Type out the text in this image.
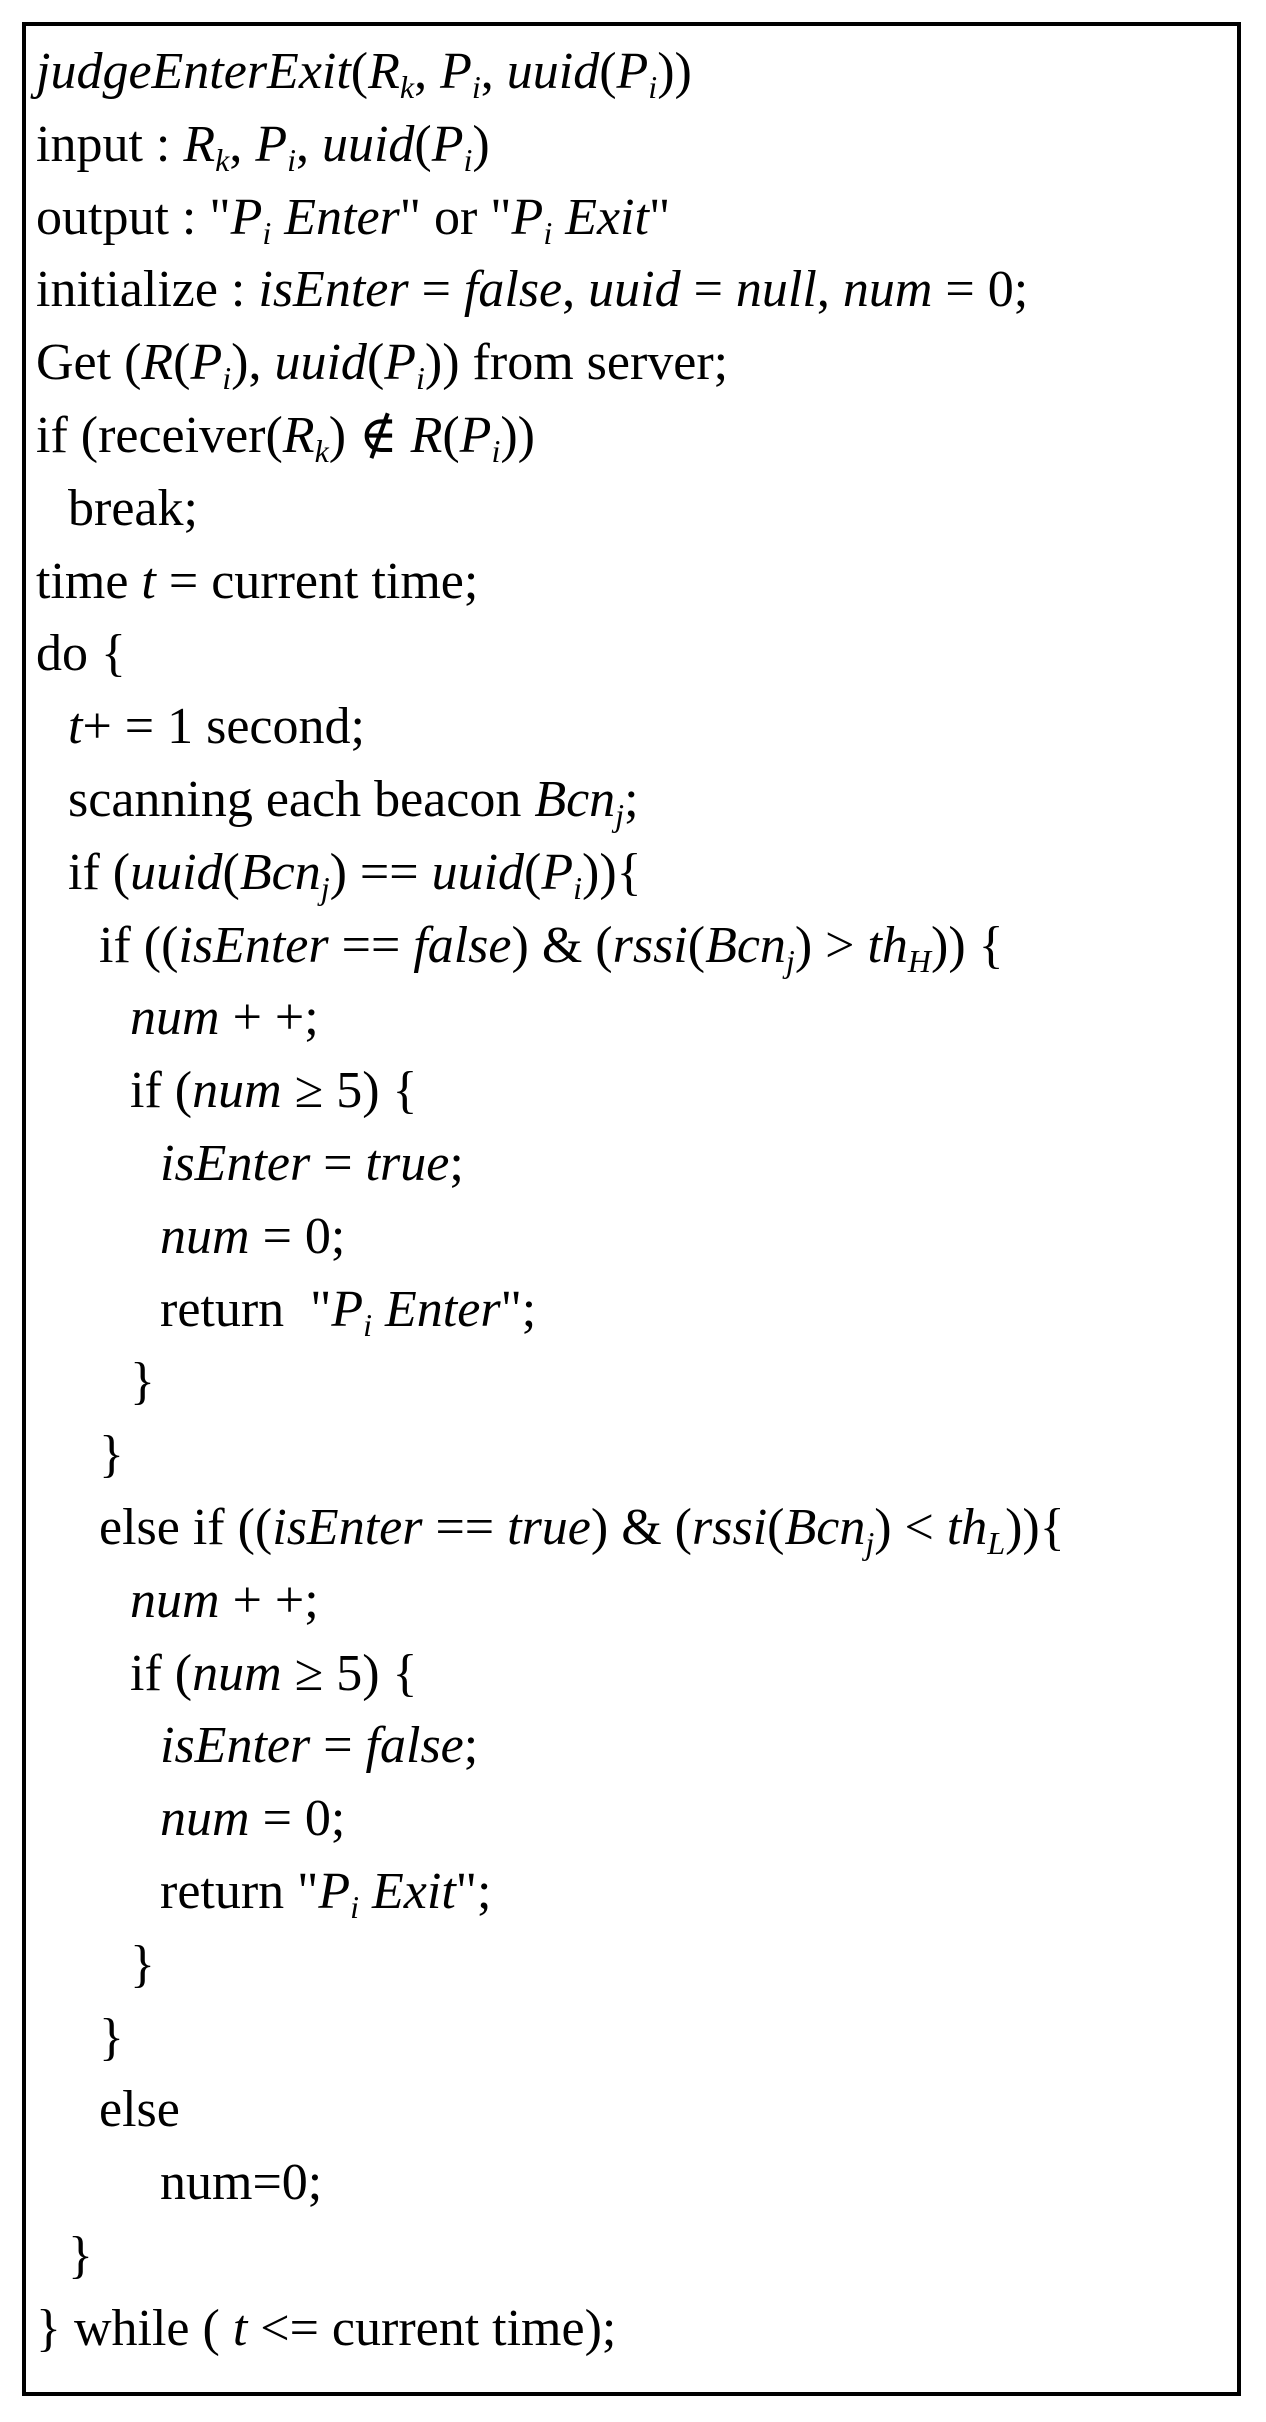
$judgeEnterExit(R_k$, $P_i$, $uuid(P_i)$)
input : $R_k$, $P_i$, $uuid(P_i)$
output : "$P_i$ Enter" or "$P_i$ Exit"
initialize : isEnter = false, uuid = null, num = 0;
Get ($R(P_i)$, $uuid(P_i)$) from server;
if ($receiver(R_k)$ ∉ $R(P_i)$)
break;
time t = current time;
do {
t+ = 1 second;
scanning each beacon Bcn$_j$;
if (uuid(Bcn$_j$) == $uuid(P_i)$){
if ((isEnter == false) & (rssi(Bcn$_j$) > $th_H$)) {
num + +;
if (num ≥ 5) {
isEnter = true;
num = 0;
return  "$P_i$ Enter";
}
}
else if ((isEnter == true) & (rssi(Bcn$_j$) < $th_L$)){
num + +;
if (num ≥ 5) {
isEnter = false;
num = 0;
return "$P_i$ Exit";
}
}
else
num=0;
}
} while ( t <= current time);
